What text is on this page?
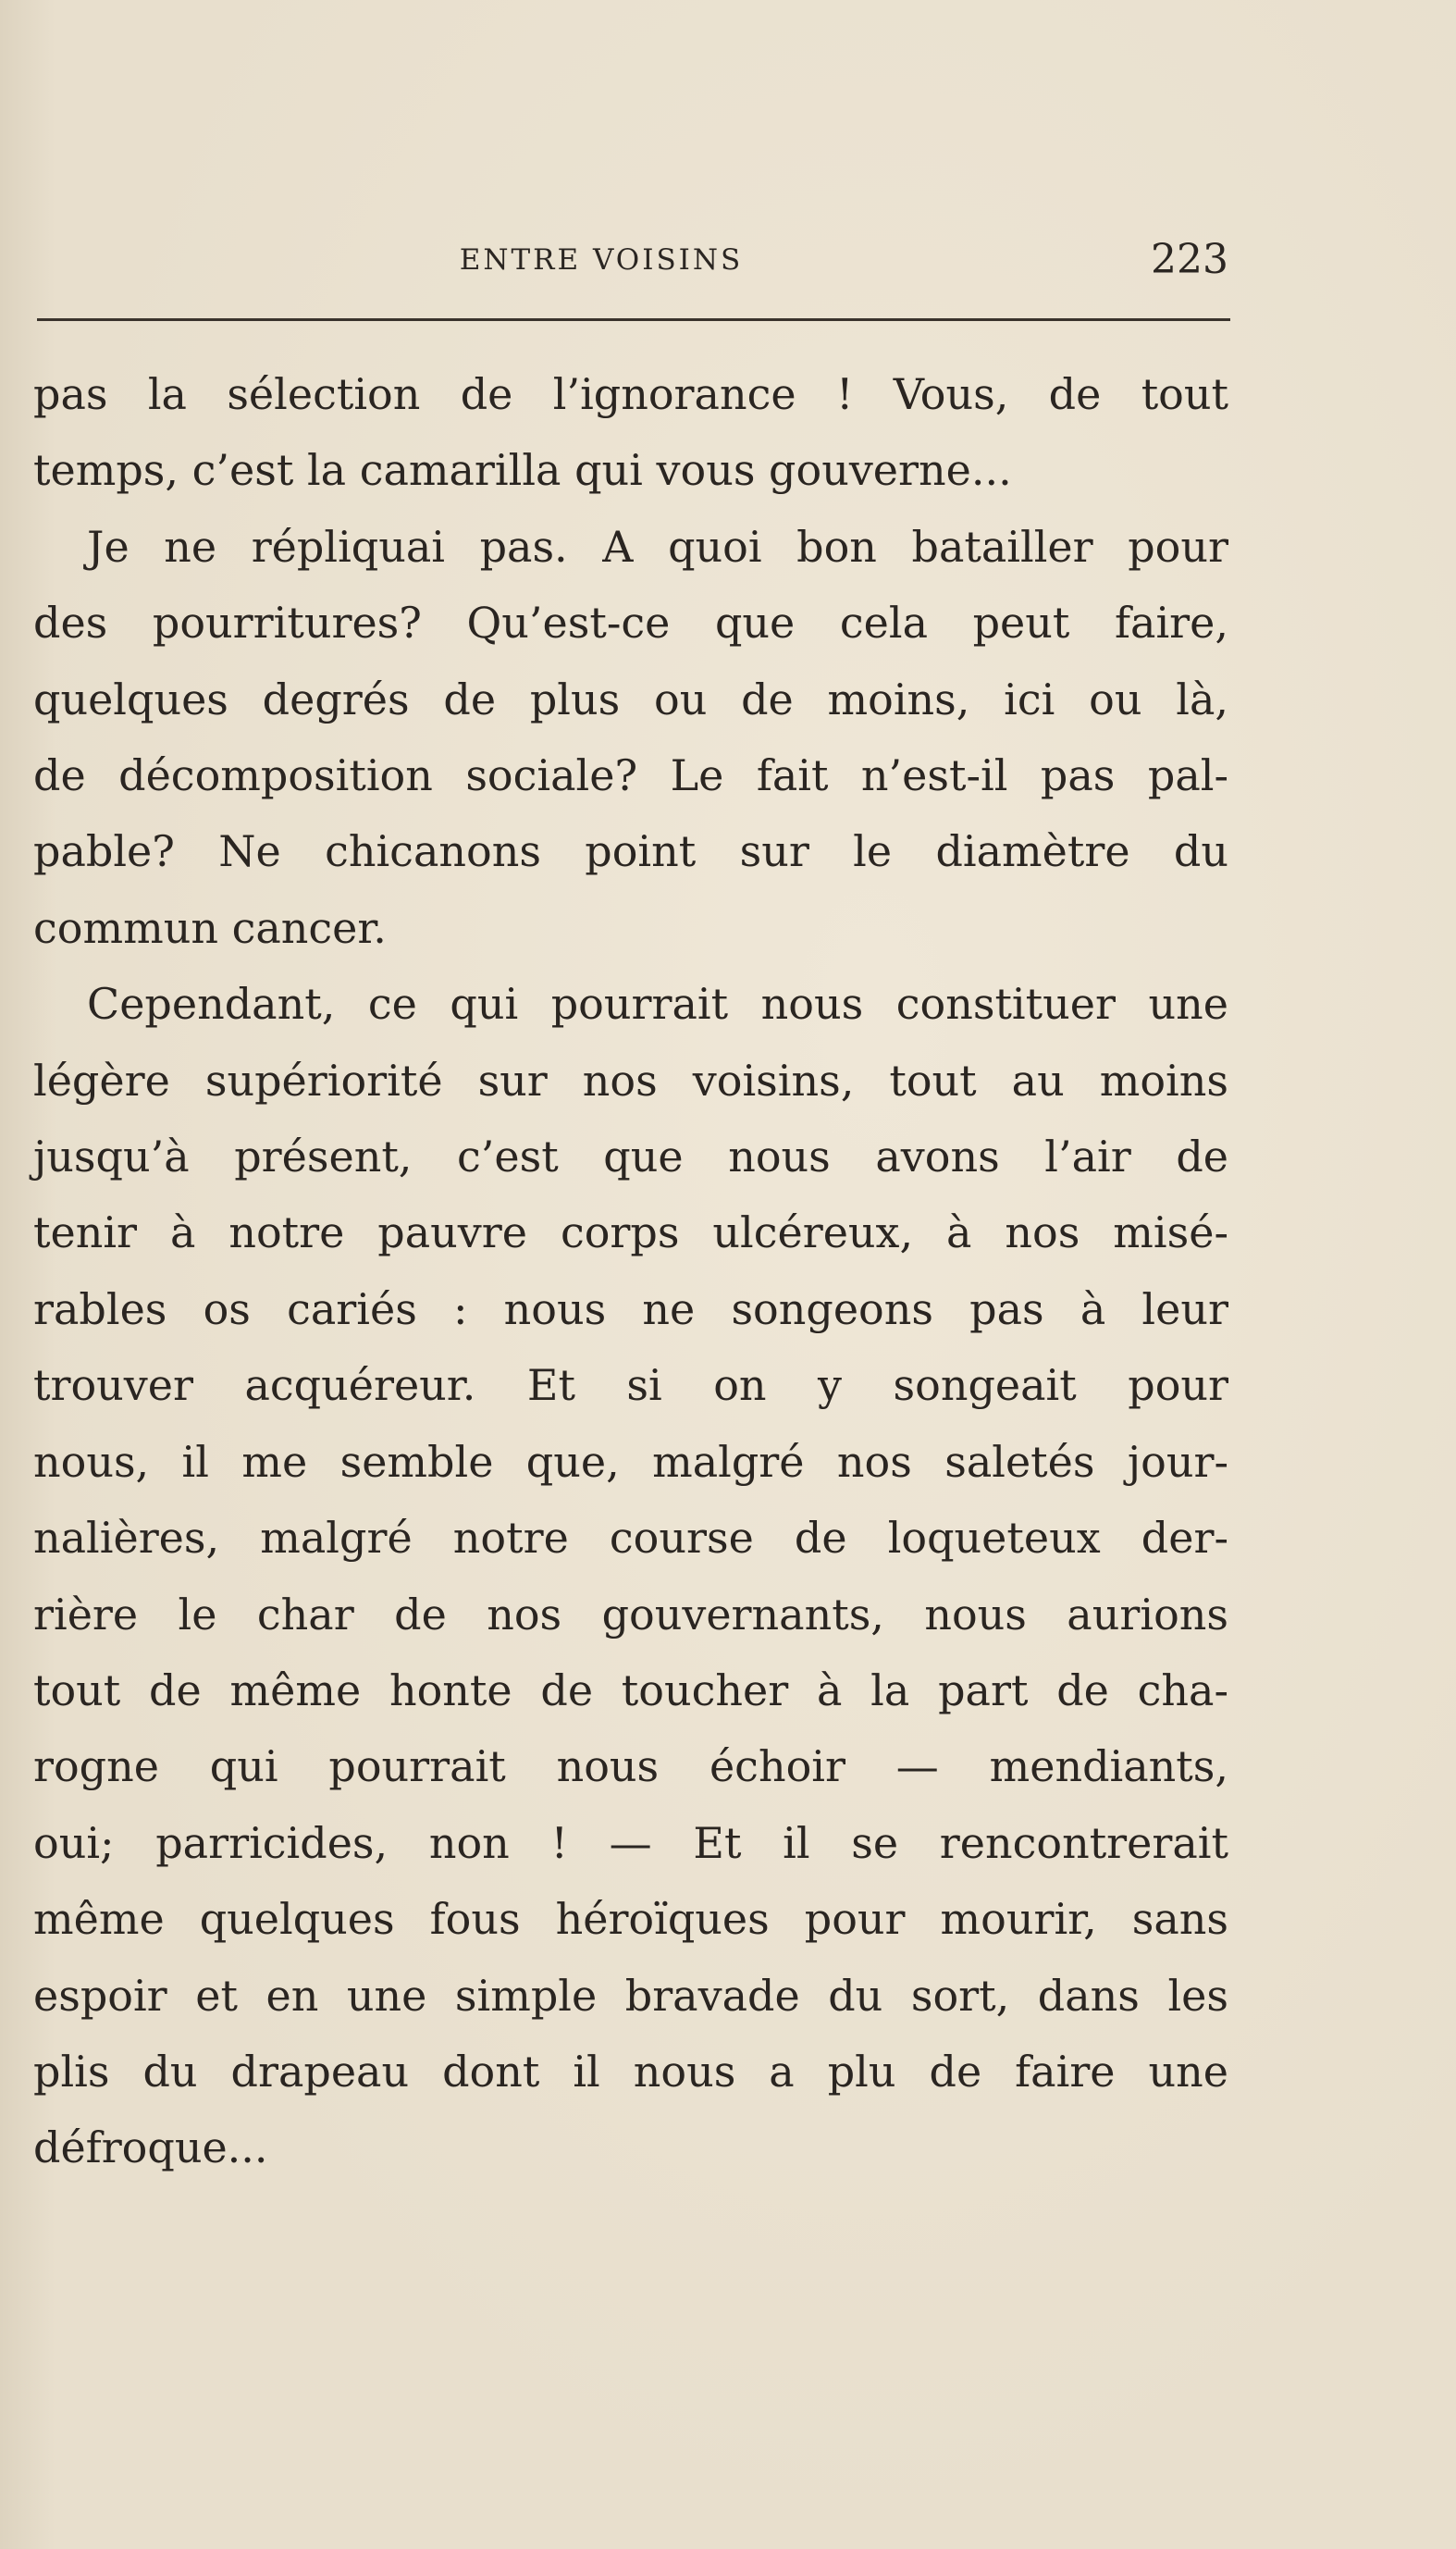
ENTRE VOISINS	223

pas la sélection de l’ignorance ! Vous, de tout
temps, c’est la camarilla qui vous gouverne...

Je ne répliquai pas. A quoi bon batailler pour
des pourritures? Qu’est-ce que cela peut faire,
quelques degrés de plus ou de moins, ici ou là,
de décomposition sociale? Le fait n’est-il pas pal-
pable? Ne chicanons point sur le diamètre du
commun cancer.

Cependant, ce qui pourrait nous constituer une
légère supériorité sur nos voisins, tout au moins
jusqu’à présent, c’est que nous avons l’air de
tenir à notre pauvre corps ulcéreux, à nos misé-
rables os cariés : nous ne songeons pas à leur
trouver acquéreur. Et si on y songeait pour
nous, il me semble que, malgré nos saletés jour-
nalières, malgré notre course de loqueteux der-
rière le char de nos gouvernants, nous aurions
tout de même honte de toucher à la part de cha-
rogne qui pourrait nous échoir — mendiants,
oui; parricides, non ! — Et il se rencontrerait
même quelques fous héroïques pour mourir, sans
espoir et en une simple bravade du sort, dans les
plis du drapeau dont il nous a plu de faire une
défroque...
